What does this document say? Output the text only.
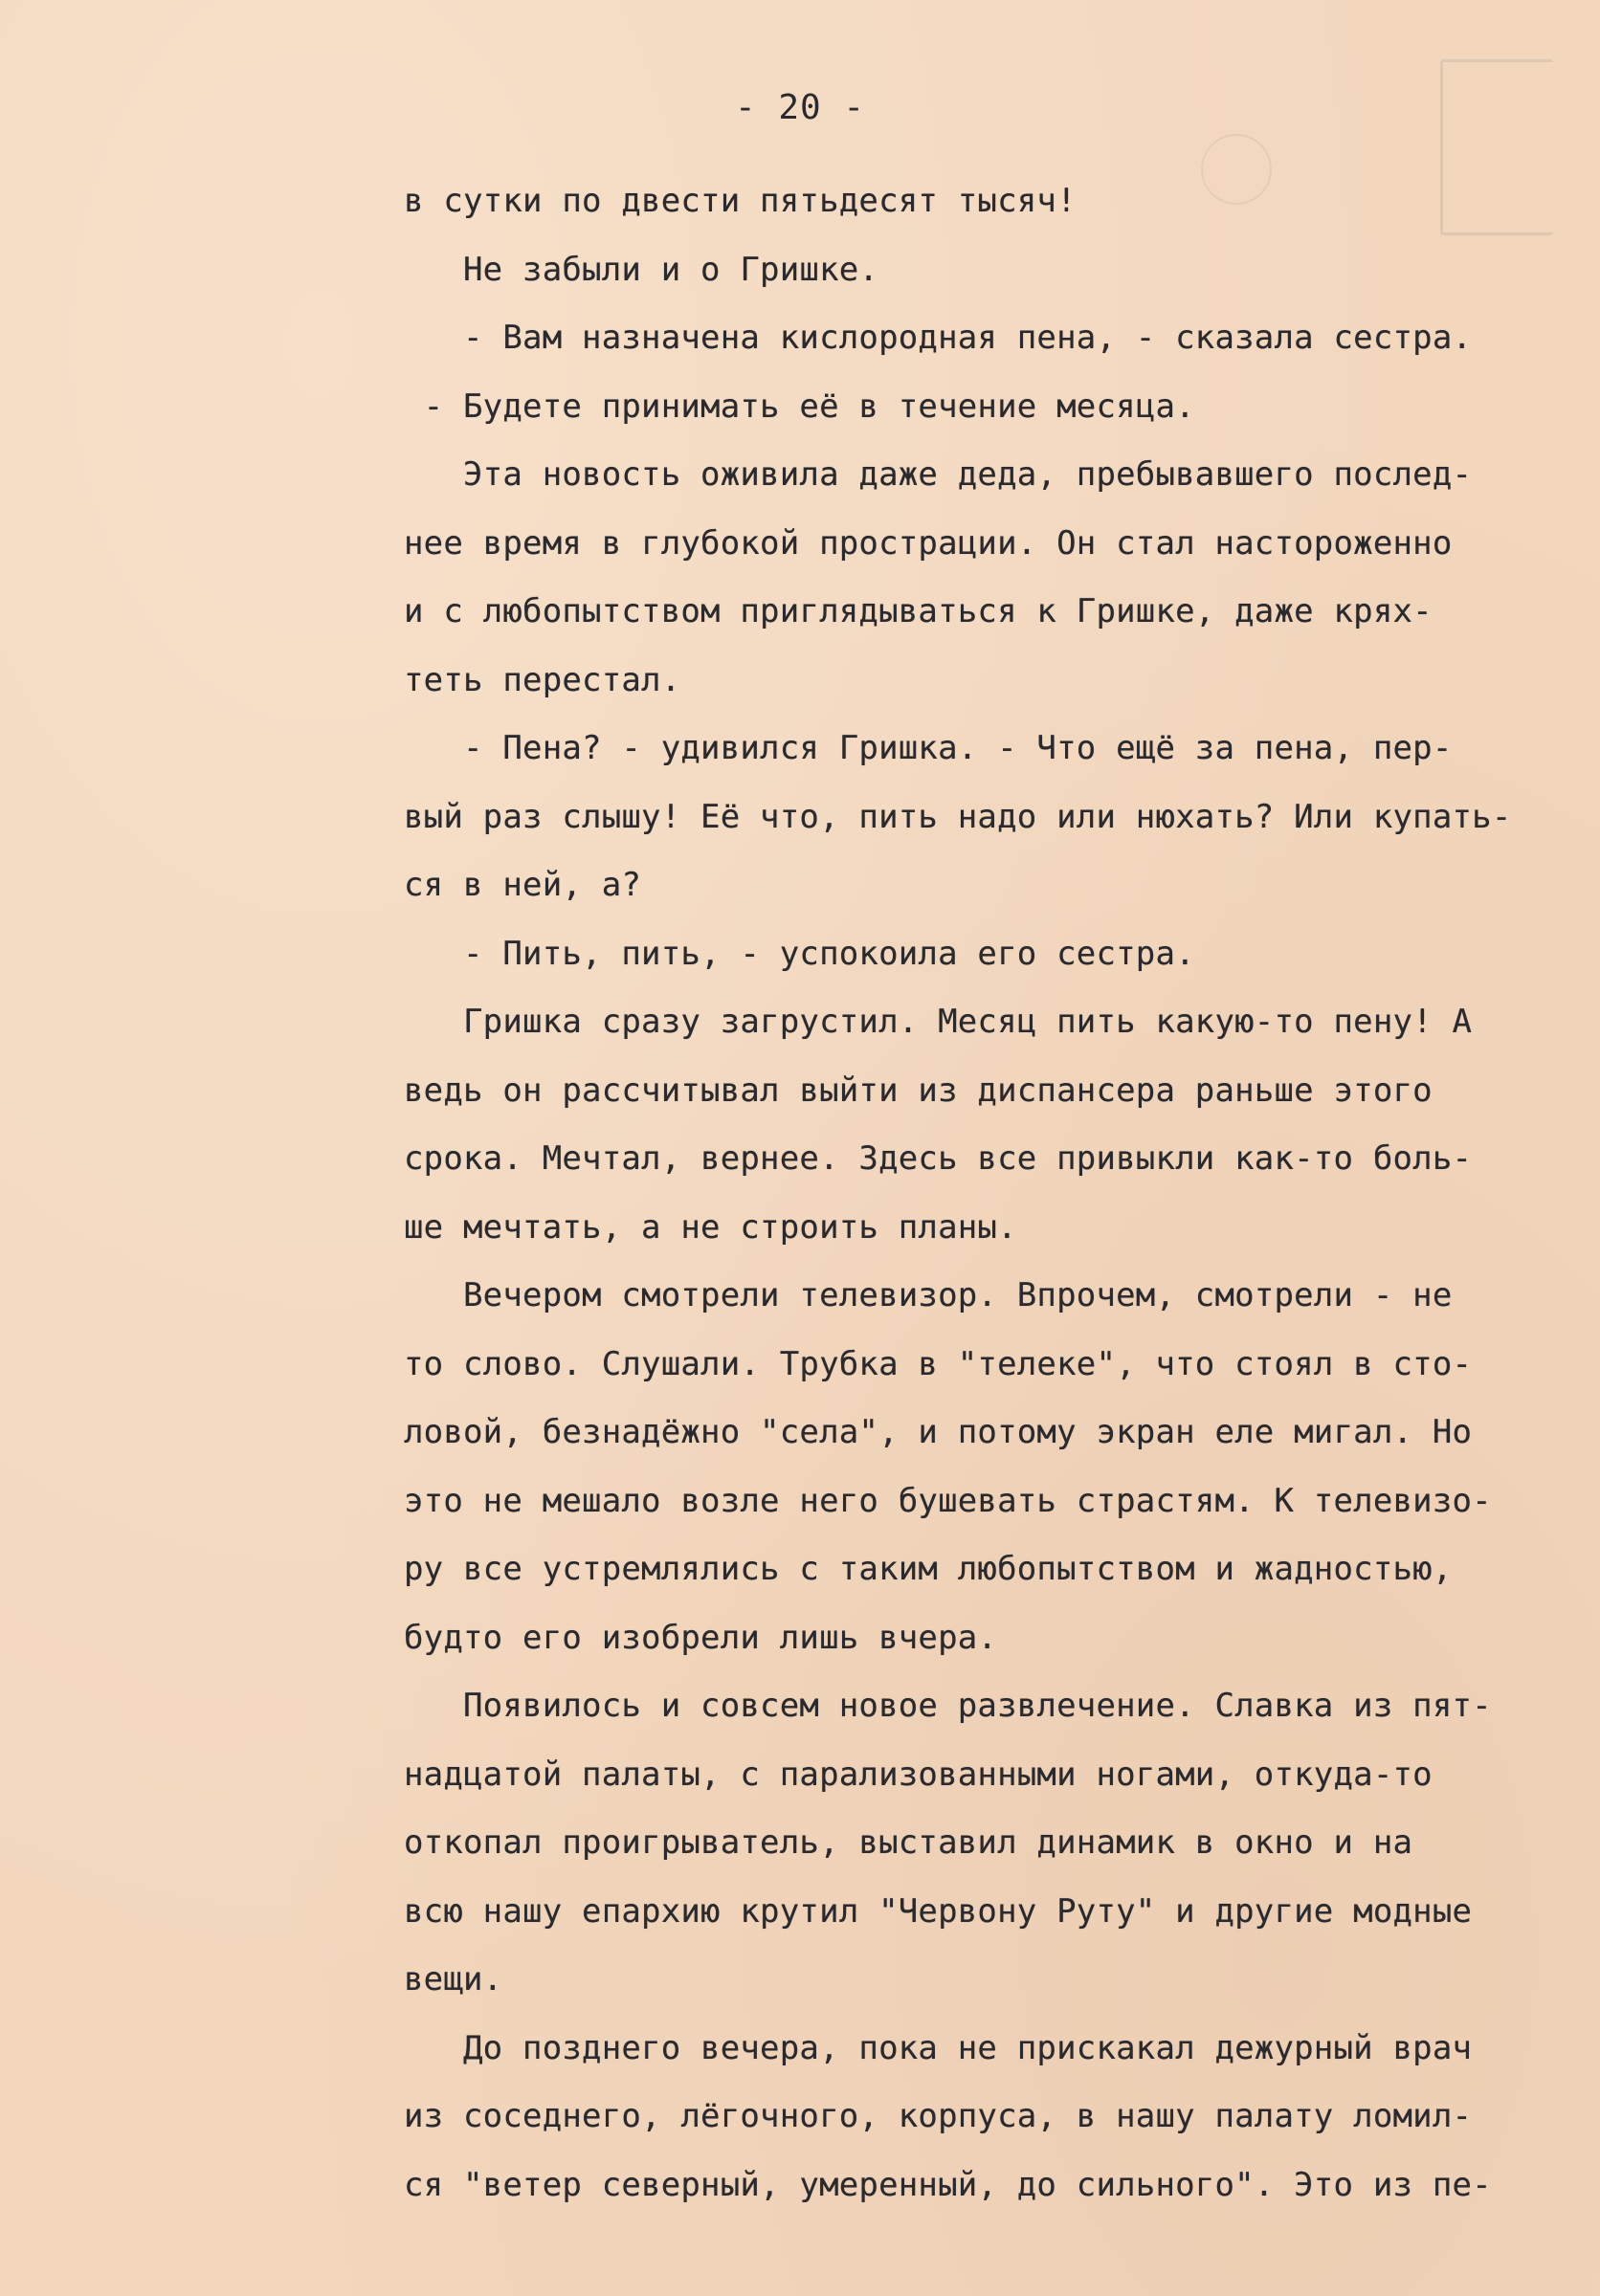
- 20 -
в сутки по двести пятьдесят тысяч!
Не забыли и о Гришке.
- Вам назначена кислородная пена, - сказала сестра.
- Будете принимать её в течение месяца.
Эта новость оживила даже деда, пребывавшего послед-
нее время в глубокой прострации. Он стал настороженно
и с любопытством приглядываться к Гришке, даже крях-
теть перестал.
- Пена? - удивился Гришка. - Что ещё за пена, пер-
вый раз слышу! Её что, пить надо или нюхать? Или купать-
ся в ней, а?
- Пить, пить, - успокоила его сестра.
Гришка сразу загрустил. Месяц пить какую-то пену! А
ведь он рассчитывал выйти из диспансера раньше этого
срока. Мечтал, вернее. Здесь все привыкли как-то боль-
ше мечтать, а не строить планы.
Вечером смотрели телевизор. Впрочем, смотрели - не
то слово. Слушали. Трубка в "телеке", что стоял в сто-
ловой, безнадёжно "села", и потому экран еле мигал. Но
это не мешало возле него бушевать страстям. К телевизо-
ру все устремлялись с таким любопытством и жадностью,
будто его изобрели лишь вчера.
Появилось и совсем новое развлечение. Славка из пят-
надцатой палаты, с парализованными ногами, откуда-то
откопал проигрыватель, выставил динамик в окно и на
всю нашу епархию крутил "Червону Руту" и другие модные
вещи.
До позднего вечера, пока не прискакал дежурный врач
из соседнего, лёгочного, корпуса, в нашу палату ломил-
ся "ветер северный, умеренный, до сильного". Это из пе-
